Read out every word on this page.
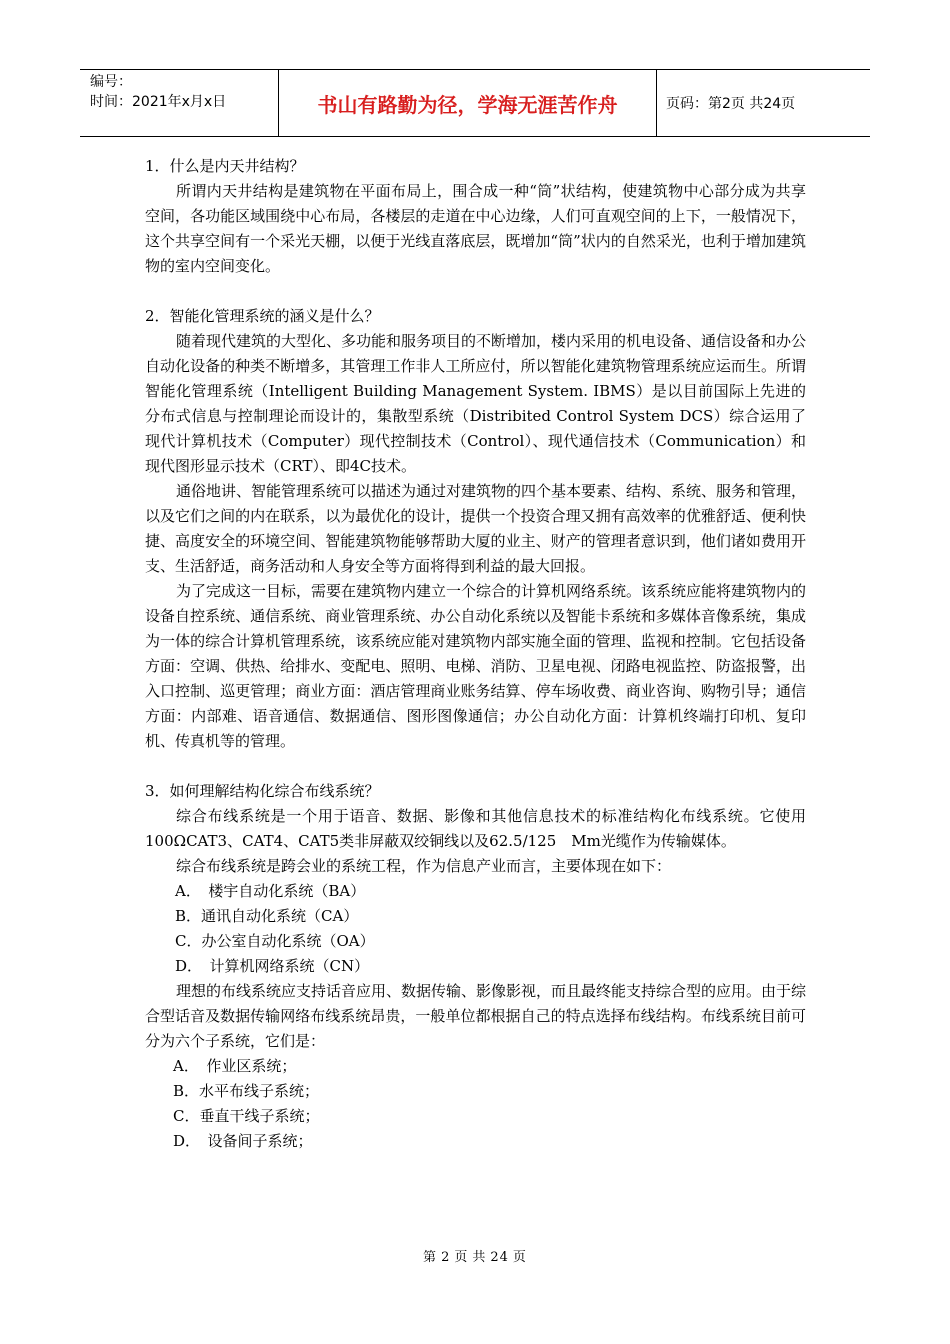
编号：
时间：2021年x月x日	书山有路勤为径，学海无涯苦作舟	页码：第2页 共24页

1．什么是内天井结构？

所谓内天井结构是建筑物在平面布局上，围合成一种“筒”状结构，使建筑物中心部分成为共享空间，各功能区域围绕中心布局，各楼层的走道在中心边缘，人们可直观空间的上下，一般情况下，这个共享空间有一个采光天棚，以便于光线直落底层，既增加“筒”状内的自然采光，也利于增加建筑物的室内空间变化。

2．智能化管理系统的涵义是什么？

随着现代建筑的大型化、多功能和服务项目的不断增加，楼内采用的机电设备、通信设备和办公自动化设备的种类不断增多，其管理工作非人工所应付，所以智能化建筑物管理系统应运而生。所谓智能化管理系统（Intelligent Building Management System. IBMS）是以目前国际上先进的分布式信息与控制理论而设计的，集散型系统（Distribited Control System DCS）综合运用了现代计算机技术（Computer）现代控制技术（Control）、现代通信技术（Communication）和现代图形显示技术（CRT）、即4C技术。

通俗地讲、智能管理系统可以描述为通过对建筑物的四个基本要素、结构、系统、服务和管理，以及它们之间的内在联系，以为最优化的设计，提供一个投资合理又拥有高效率的优雅舒适、便利快捷、高度安全的环境空间、智能建筑物能够帮助大厦的业主、财产的管理者意识到，他们诸如费用开支、生活舒适，商务活动和人身安全等方面将得到利益的最大回报。

为了完成这一目标，需要在建筑物内建立一个综合的计算机网络系统。该系统应能将建筑物内的设备自控系统、通信系统、商业管理系统、办公自动化系统以及智能卡系统和多媒体音像系统，集成为一体的综合计算机管理系统，该系统应能对建筑物内部实施全面的管理、监视和控制。它包括设备方面：空调、供热、给排水、变配电、照明、电梯、消防、卫星电视、闭路电视监控、防盗报警，出入口控制、巡更管理；商业方面：酒店管理商业账务结算、停车场收费、商业咨询、购物引导；通信方面：内部难、语音通信、数据通信、图形图像通信；办公自动化方面：计算机终端打印机、复印机、传真机等的管理。

3．如何理解结构化综合布线系统？

综合布线系统是一个用于语音、数据、影像和其他信息技术的标准结构化布线系统。它使用100ΩCAT3、CAT4、CAT5类非屏蔽双绞铜线以及62.5/125　Mm光缆作为传输媒体。

综合布线系统是跨会业的系统工程，作为信息产业而言，主要体现在如下：

A．　楼宇自动化系统（BA）

B．通讯自动化系统（CA）

C．办公室自动化系统（OA）

D．　计算机网络系统（CN）

理想的布线系统应支持话音应用、数据传输、影像影视，而且最终能支持综合型的应用。由于综合型话音及数据传输网络布线系统昂贵，一般单位都根据自己的特点选择布线结构。布线系统目前可分为六个子系统，它们是：

A．　作业区系统；

B．水平布线子系统；

C．垂直干线子系统；

D．　设备间子系统；

第 2 页 共 24 页
